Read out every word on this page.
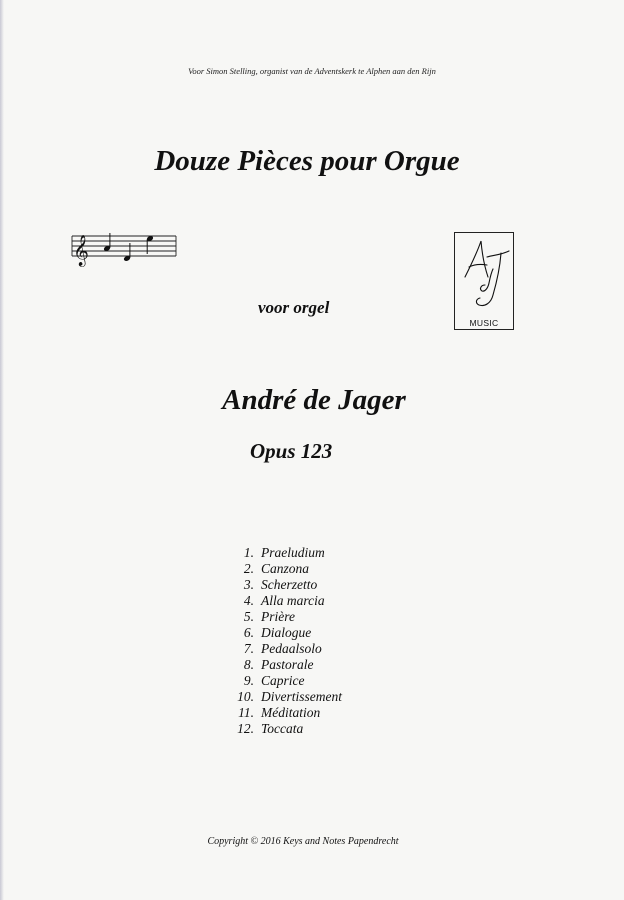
Voor Simon Stelling, organist van de Adventskerk te Alphen aan den Rijn
Douze Pièces pour Orgue
𝄞
MUSIC
voor orgel
André de Jager
Opus 123
1. Praeludium
2. Canzona
3. Scherzetto
4. Alla marcia
5. Prière
6. Dialogue
7. Pedaalsolo
8. Pastorale
9. Caprice
10. Divertissement
11. Méditation
12. Toccata
Copyright © 2016 Keys and Notes Papendrecht
